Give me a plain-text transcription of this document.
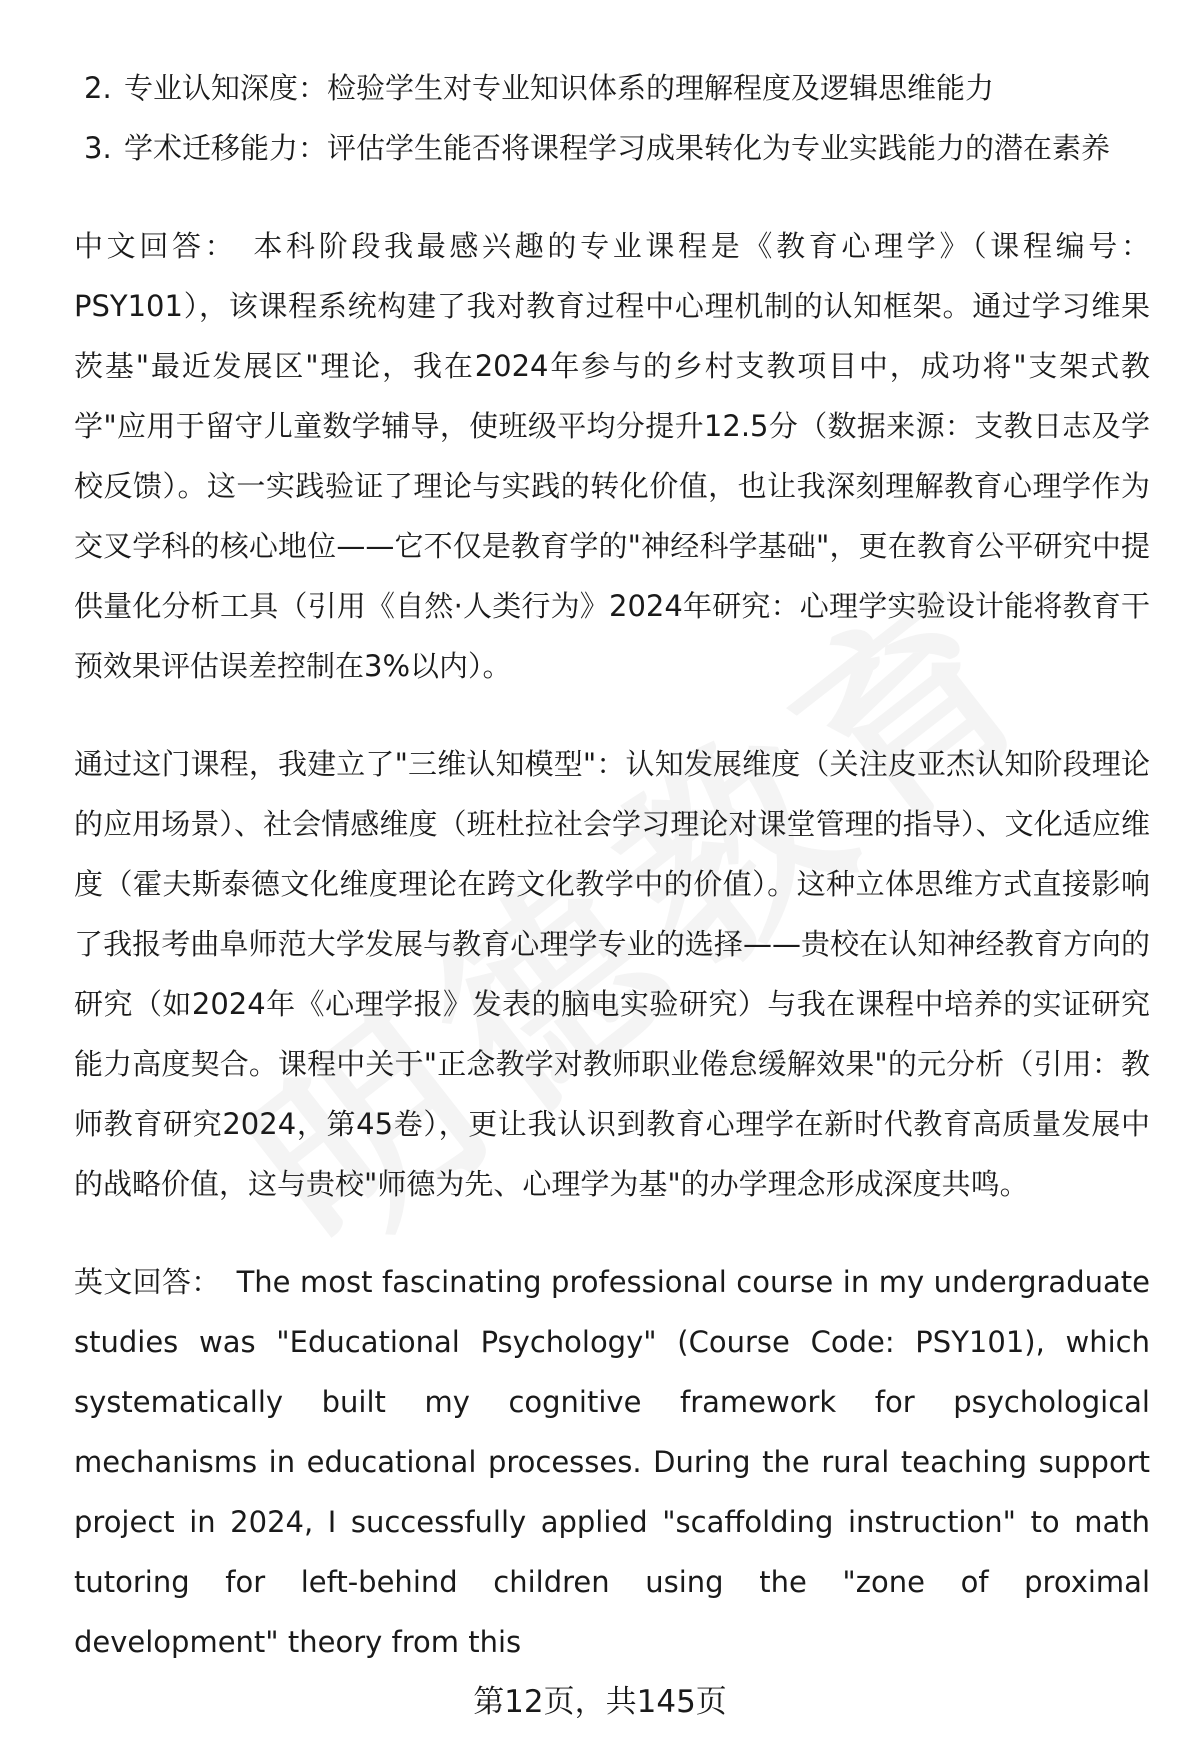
2. 专业认知深度：检验学生对专业知识体系的理解程度及逻辑思维能力
3. 学术迁移能力：评估学生能否将课程学习成果转化为专业实践能力的潜在素养

中文回答： 本科阶段我最感兴趣的专业课程是《教育心理学》（课程编号：PSY101），该课程系统构建了我对教育过程中心理机制的认知框架。通过学习维果茨基"最近发展区"理论，我在2024年参与的乡村支教项目中，成功将"支架式教学"应用于留守儿童数学辅导，使班级平均分提升12.5分（数据来源：支教日志及学校反馈）。这一实践验证了理论与实践的转化价值，也让我深刻理解教育心理学作为交叉学科的核心地位——它不仅是教育学的"神经科学基础"，更在教育公平研究中提供量化分析工具（引用《自然·人类行为》2024年研究：心理学实验设计能将教育干预效果评估误差控制在3%以内）。

通过这门课程，我建立了"三维认知模型"：认知发展维度（关注皮亚杰认知阶段理论的应用场景）、社会情感维度（班杜拉社会学习理论对课堂管理的指导）、文化适应维度（霍夫斯泰德文化维度理论在跨文化教学中的价值）。这种立体思维方式直接影响了我报考曲阜师范大学发展与教育心理学专业的选择——贵校在认知神经教育方向的研究（如2024年《心理学报》发表的脑电实验研究）与我在课程中培养的实证研究能力高度契合。课程中关于"正念教学对教师职业倦怠缓解效果"的元分析（引用：教师教育研究2024，第45卷），更让我认识到教育心理学在新时代教育高质量发展中的战略价值，这与贵校"师德为先、心理学为基"的办学理念形成深度共鸣。

英文回答： The most fascinating professional course in my undergraduate studies was "Educational Psychology" (Course Code: PSY101), which systematically built my cognitive framework for psychological mechanisms in educational processes. During the rural teaching support project in 2024, I successfully applied "scaffolding instruction" to math tutoring for left-behind children using the "zone of proximal development" theory from this

第12页，共145页
